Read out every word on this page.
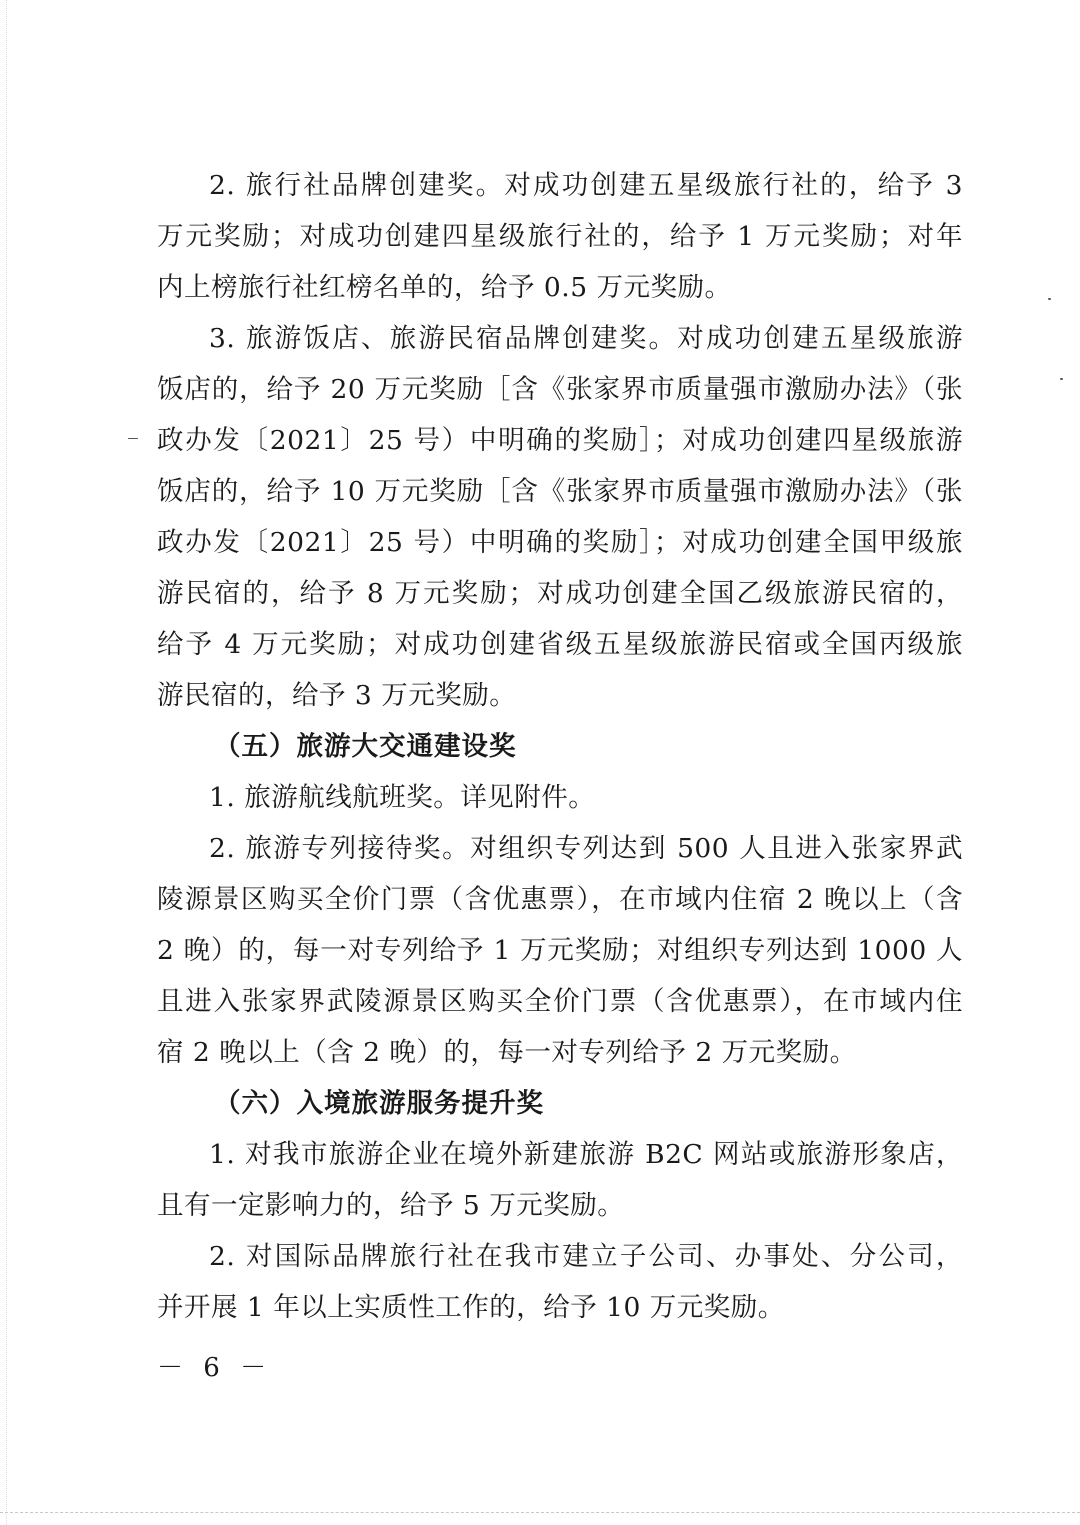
2. 旅行社品牌创建奖。对成功创建五星级旅行社的，给予 3
万元奖励；对成功创建四星级旅行社的，给予 1 万元奖励；对年
内上榜旅行社红榜名单的，给予 0.5 万元奖励。
3. 旅游饭店、旅游民宿品牌创建奖。对成功创建五星级旅游
饭店的，给予 20 万元奖励［含《张家界市质量强市激励办法》（张
政办发〔2021〕25 号）中明确的奖励］；对成功创建四星级旅游
饭店的，给予 10 万元奖励［含《张家界市质量强市激励办法》（张
政办发〔2021〕25 号）中明确的奖励］；对成功创建全国甲级旅
游民宿的，给予 8 万元奖励；对成功创建全国乙级旅游民宿的，
给予 4 万元奖励；对成功创建省级五星级旅游民宿或全国丙级旅
游民宿的，给予 3 万元奖励。
（五）旅游大交通建设奖
1. 旅游航线航班奖。详见附件。
2. 旅游专列接待奖。对组织专列达到 500 人且进入张家界武
陵源景区购买全价门票（含优惠票），在市域内住宿 2 晚以上（含
2 晚）的，每一对专列给予 1 万元奖励；对组织专列达到 1000 人
且进入张家界武陵源景区购买全价门票（含优惠票），在市域内住
宿 2 晚以上（含 2 晚）的，每一对专列给予 2 万元奖励。
（六）入境旅游服务提升奖
1. 对我市旅游企业在境外新建旅游 B2C 网站或旅游形象店，
且有一定影响力的，给予 5 万元奖励。
2. 对国际品牌旅行社在我市建立子公司、办事处、分公司，
并开展 1 年以上实质性工作的，给予 10 万元奖励。
－ 6 －
